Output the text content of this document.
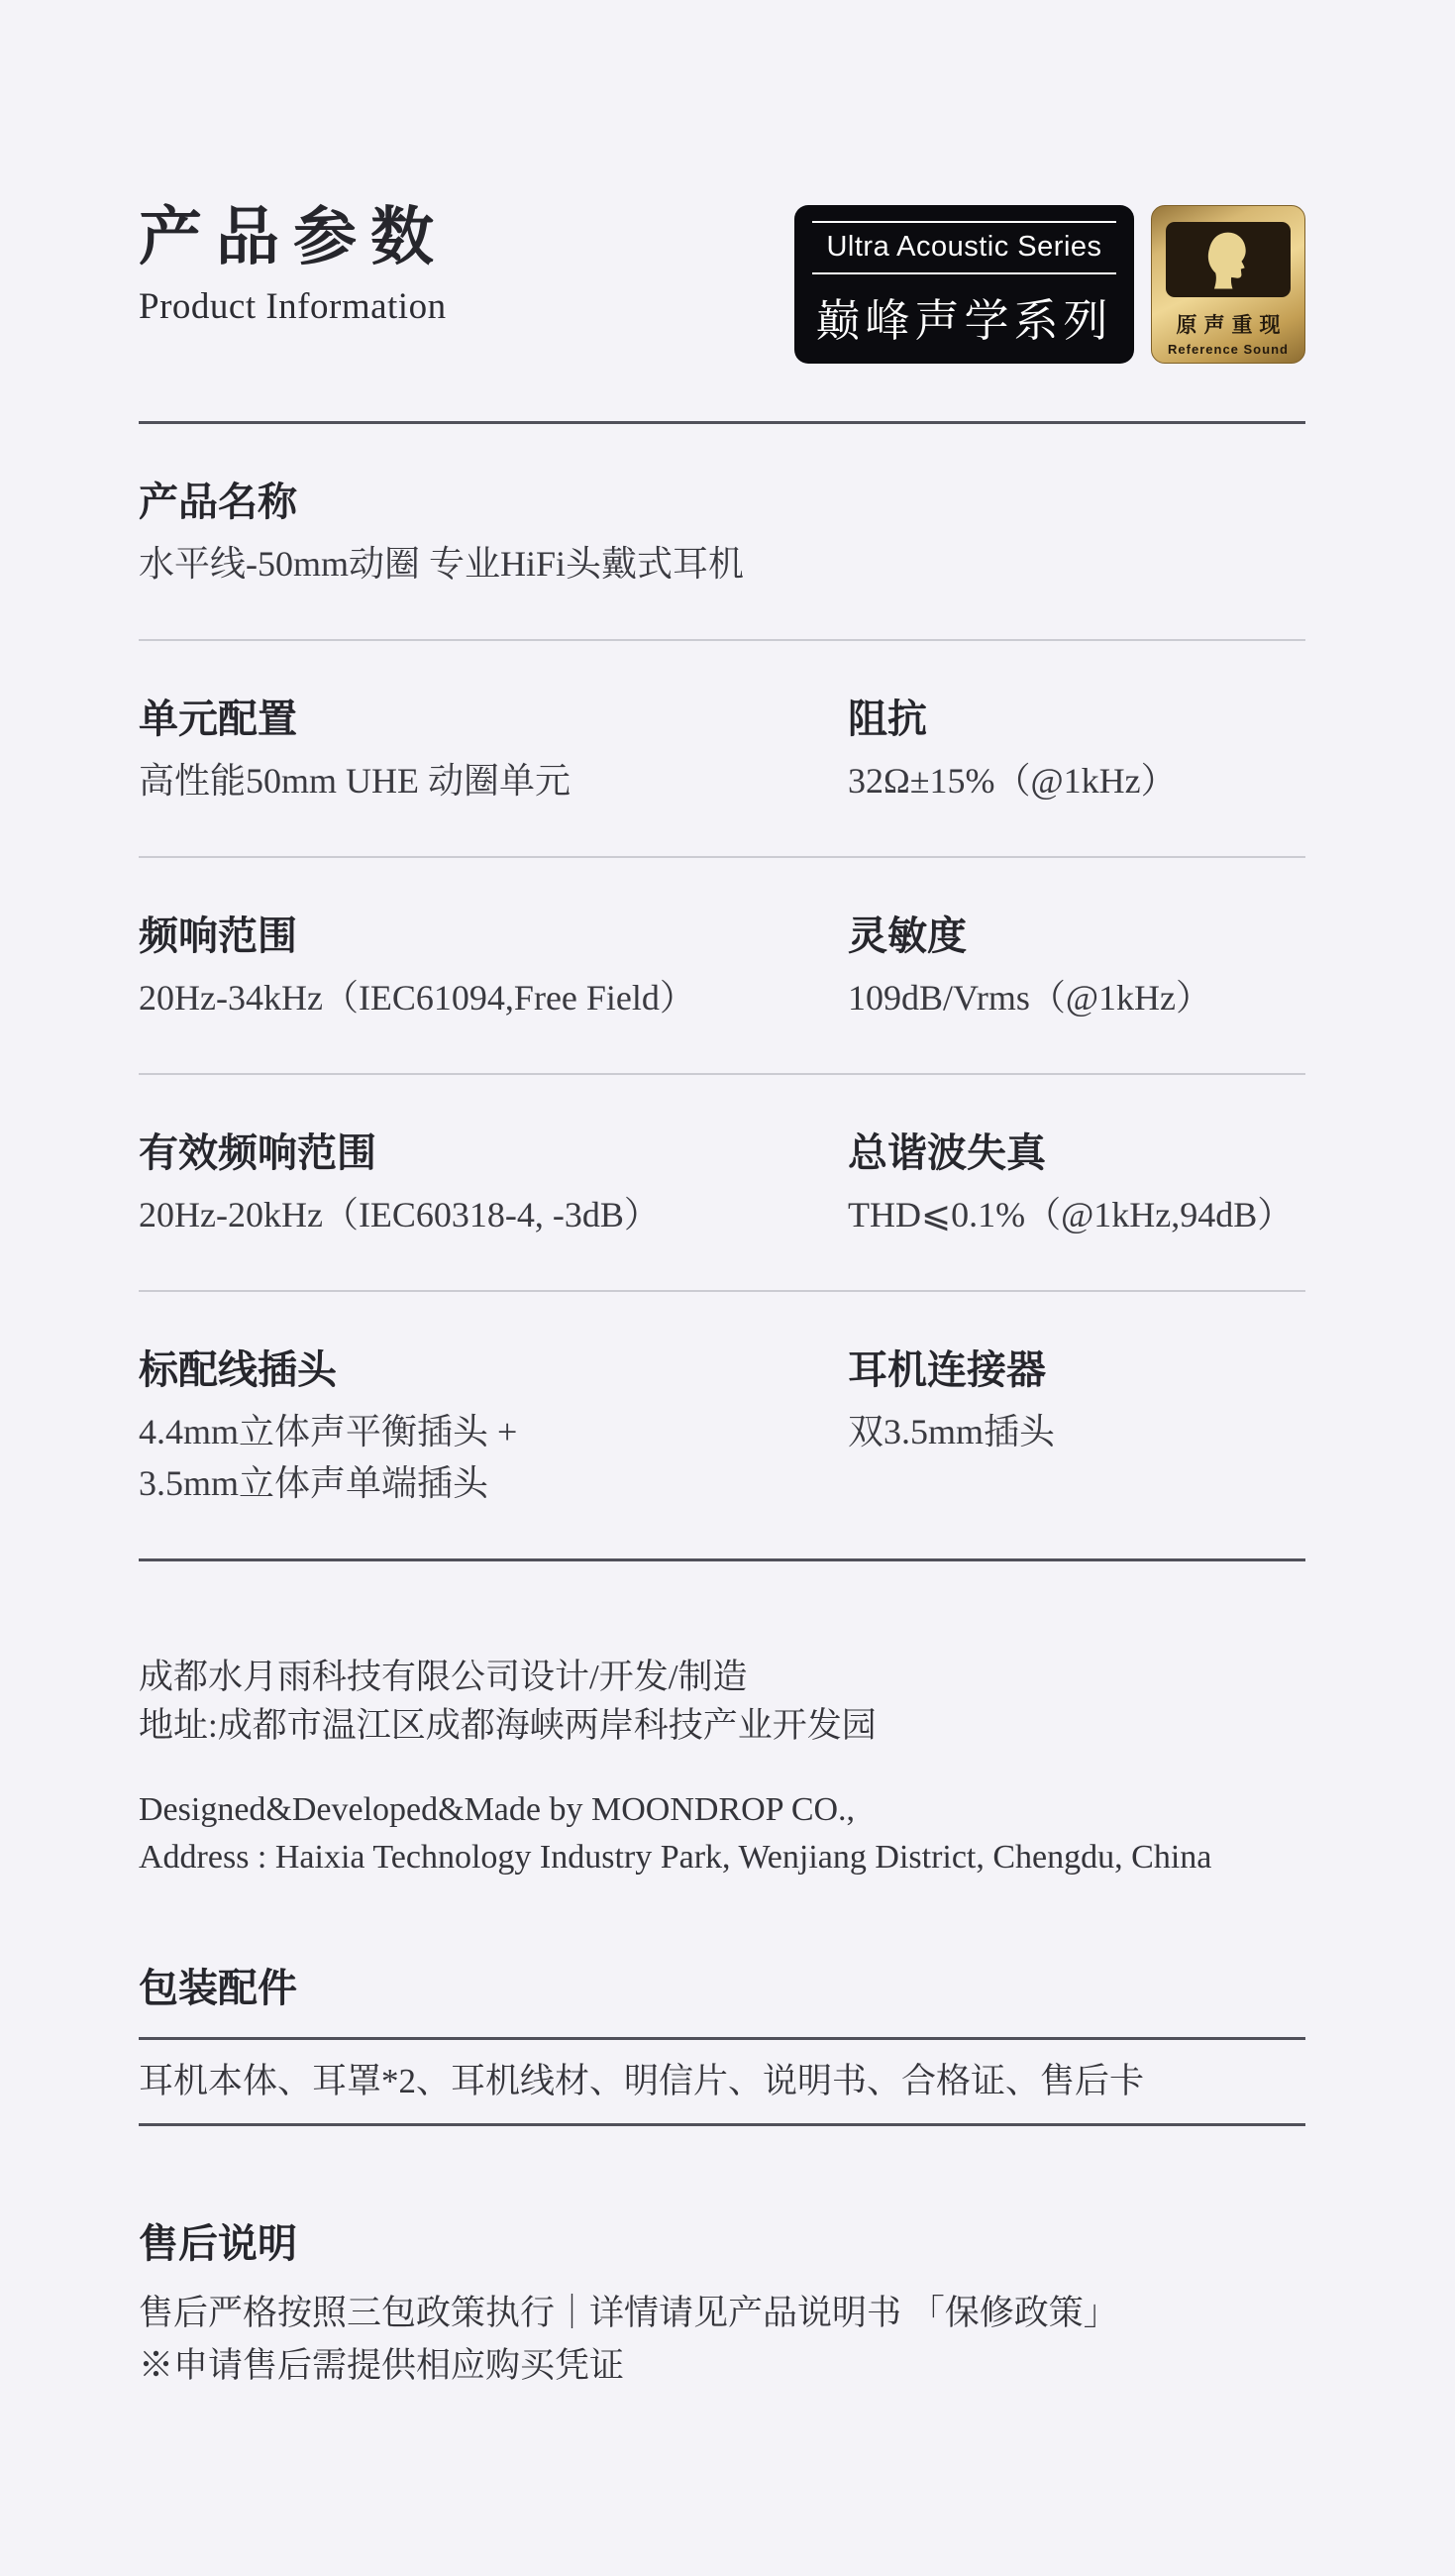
产品参数
Product Information
Ultra Acoustic Series
巅峰声学系列	原声重现
Reference Sound
产品名称
水平线-50mm动圈 专业HiFi头戴式耳机
单元配置
高性能50mm UHE 动圈单元
阻抗
32Ω±15%（@1kHz）
频响范围
20Hz-34kHz（IEC61094,Free Field）
灵敏度
109dB/Vrms（@1kHz）
有效频响范围
20Hz-20kHz（IEC60318-4, -3dB）
总谐波失真
THD⩽0.1%（@1kHz,94dB）
标配线插头
4.4mm立体声平衡插头 +
3.5mm立体声单端插头
耳机连接器
双3.5mm插头
成都水月雨科技有限公司设计/开发/制造
地址:成都市温江区成都海峡两岸科技产业开发园
Designed&Developed&Made by MOONDROP CO.,
Address : Haixia Technology Industry Park, Wenjiang District, Chengdu, China
包装配件
耳机本体、耳罩*2、耳机线材、明信片、说明书、合格证、售后卡
售后说明
售后严格按照三包政策执行｜详情请见产品说明书 「保修政策」
※申请售后需提供相应购买凭证
